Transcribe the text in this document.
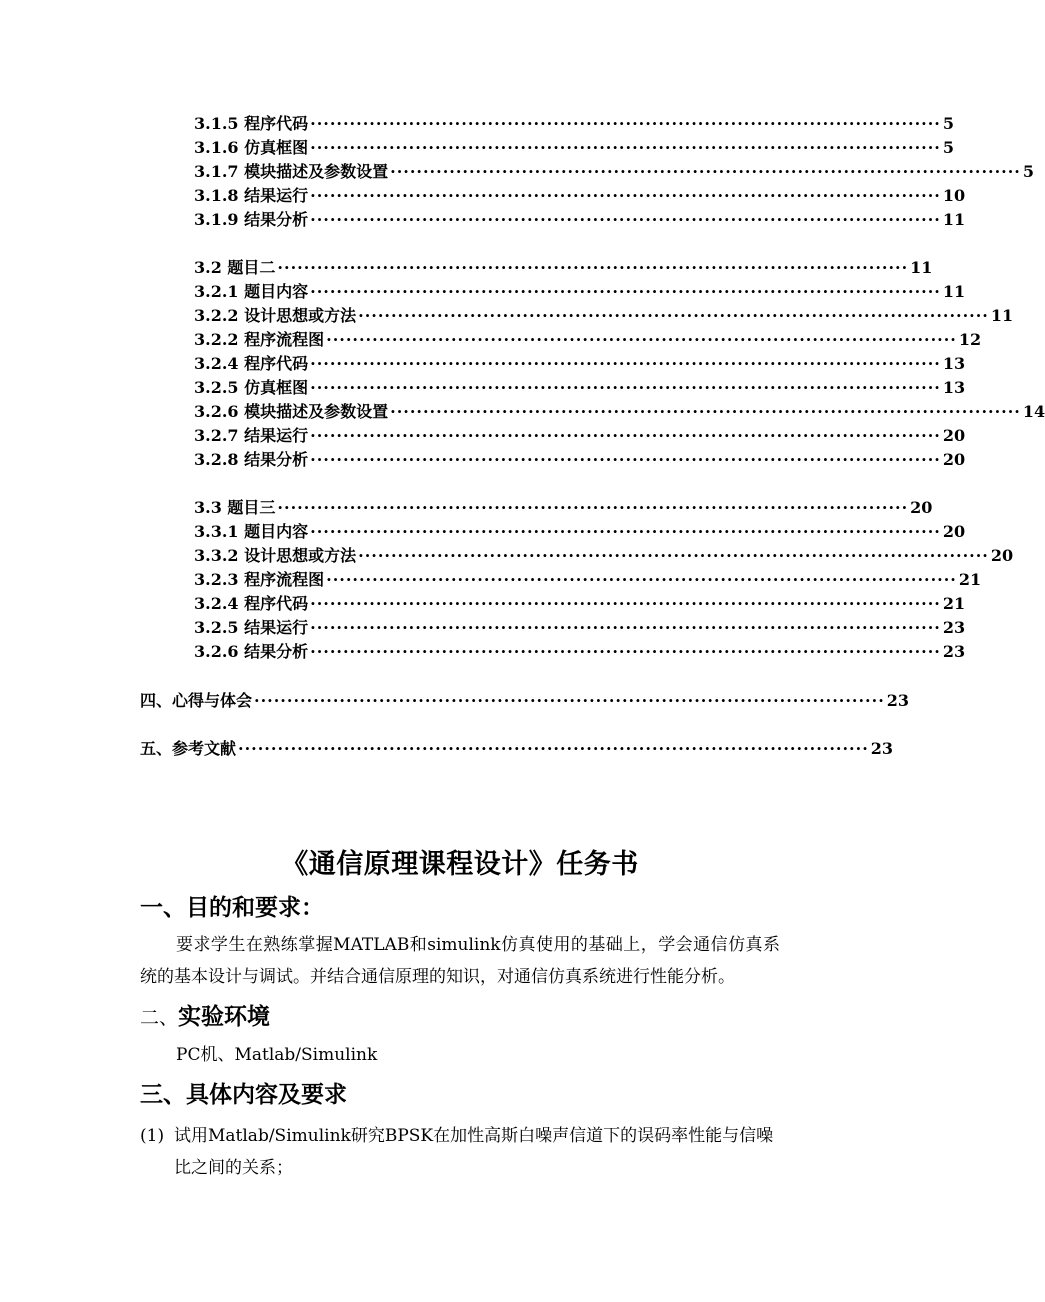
3.1.5 程序代码 ································································································ 5
3.1.6 仿真框图 ································································································ 5
3.1.7 模块描述及参数设置 ································································································ 5
3.1.8 结果运行 ································································································ 10
3.1.9 结果分析 ································································································ 11
3.2 题目二 ································································································ 11
3.2.1 题目内容 ································································································ 11
3.2.2 设计思想或方法 ································································································ 11
3.2.2 程序流程图 ································································································ 12
3.2.4 程序代码 ································································································ 13
3.2.5 仿真框图 ································································································ 13
3.2.6 模块描述及参数设置 ································································································ 14
3.2.7 结果运行 ································································································ 20
3.2.8 结果分析 ································································································ 20
3.3 题目三 ································································································ 20
3.3.1 题目内容 ································································································ 20
3.3.2 设计思想或方法 ································································································ 20
3.2.3 程序流程图 ································································································ 21
3.2.4 程序代码 ································································································ 21
3.2.5 结果运行 ································································································ 23
3.2.6 结果分析 ································································································ 23
四、心得与体会 ································································································ 23
五、参考文献 ································································································ 23
《通信原理课程设计》任务书
一、目的和要求：
要求学生在熟练掌握MATLAB和simulink仿真使用的基础上，学会通信仿真系统的基本设计与调试。并结合通信原理的知识，对通信仿真系统进行性能分析。
二、实验环境
PC机、Matlab/Simulink
三、具体内容及要求
(1) 试用Matlab/Simulink研究BPSK在加性高斯白噪声信道下的误码率性能与信噪比之间的关系；
